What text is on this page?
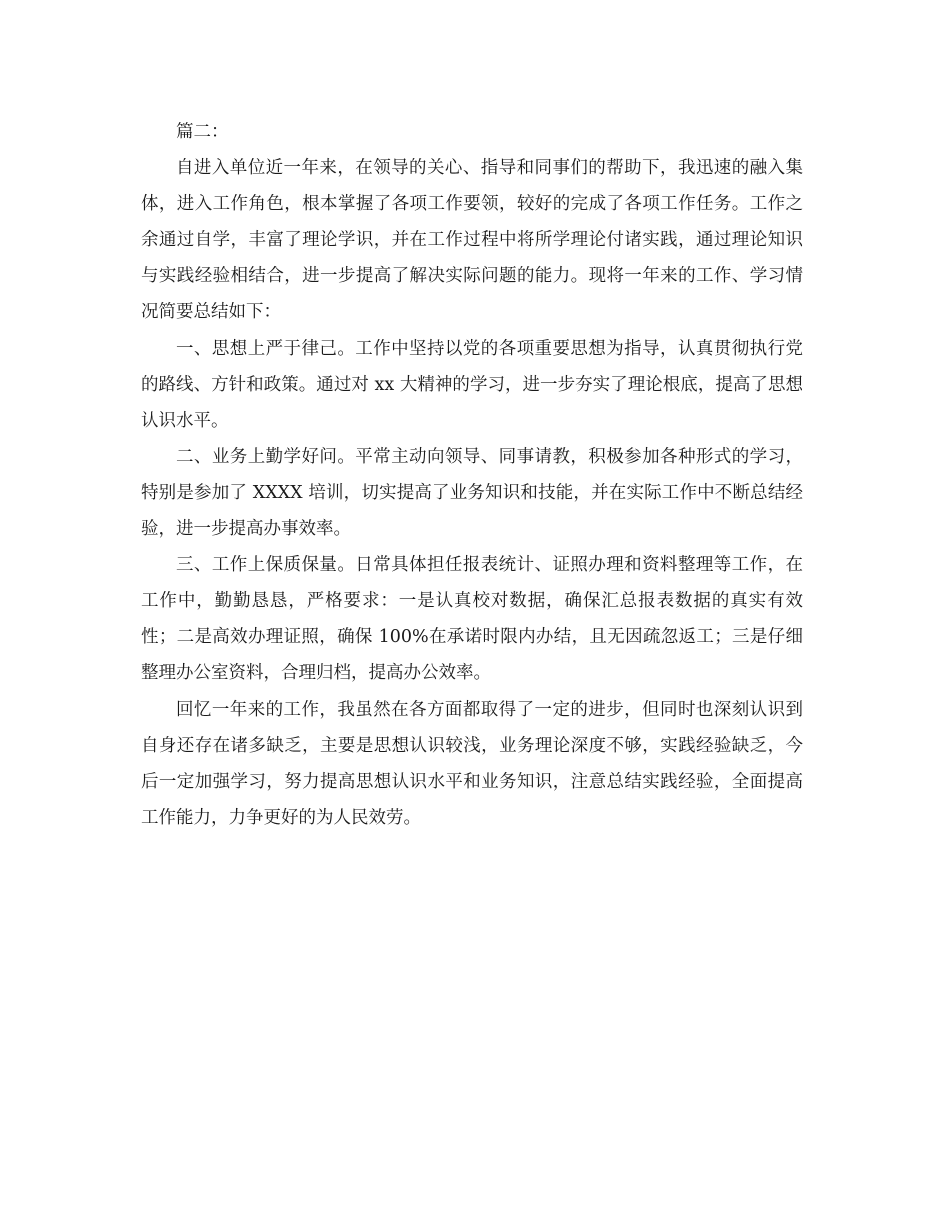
篇二：

自进入单位近一年来，在领导的关心、指导和同事们的帮助下，我迅速的融入集体，进入工作角色，根本掌握了各项工作要领，较好的完成了各项工作任务。工作之余通过自学，丰富了理论学识，并在工作过程中将所学理论付诸实践，通过理论知识与实践经验相结合，进一步提高了解决实际问题的能力。现将一年来的工作、学习情况简要总结如下：

一、思想上严于律己。工作中坚持以党的各项重要思想为指导，认真贯彻执行党的路线、方针和政策。通过对 xx 大精神的学习，进一步夯实了理论根底，提高了思想认识水平。

二、业务上勤学好问。平常主动向领导、同事请教，积极参加各种形式的学习，特别是参加了 XXXX 培训，切实提高了业务知识和技能，并在实际工作中不断总结经验，进一步提高办事效率。

三、工作上保质保量。日常具体担任报表统计、证照办理和资料整理等工作，在工作中，勤勤恳恳，严格要求：一是认真校对数据，确保汇总报表数据的真实有效性；二是高效办理证照，确保 100%在承诺时限内办结，且无因疏忽返工；三是仔细整理办公室资料，合理归档，提高办公效率。

回忆一年来的工作，我虽然在各方面都取得了一定的进步，但同时也深刻认识到自身还存在诸多缺乏，主要是思想认识较浅，业务理论深度不够，实践经验缺乏，今后一定加强学习，努力提高思想认识水平和业务知识，注意总结实践经验，全面提高工作能力，力争更好的为人民效劳。
